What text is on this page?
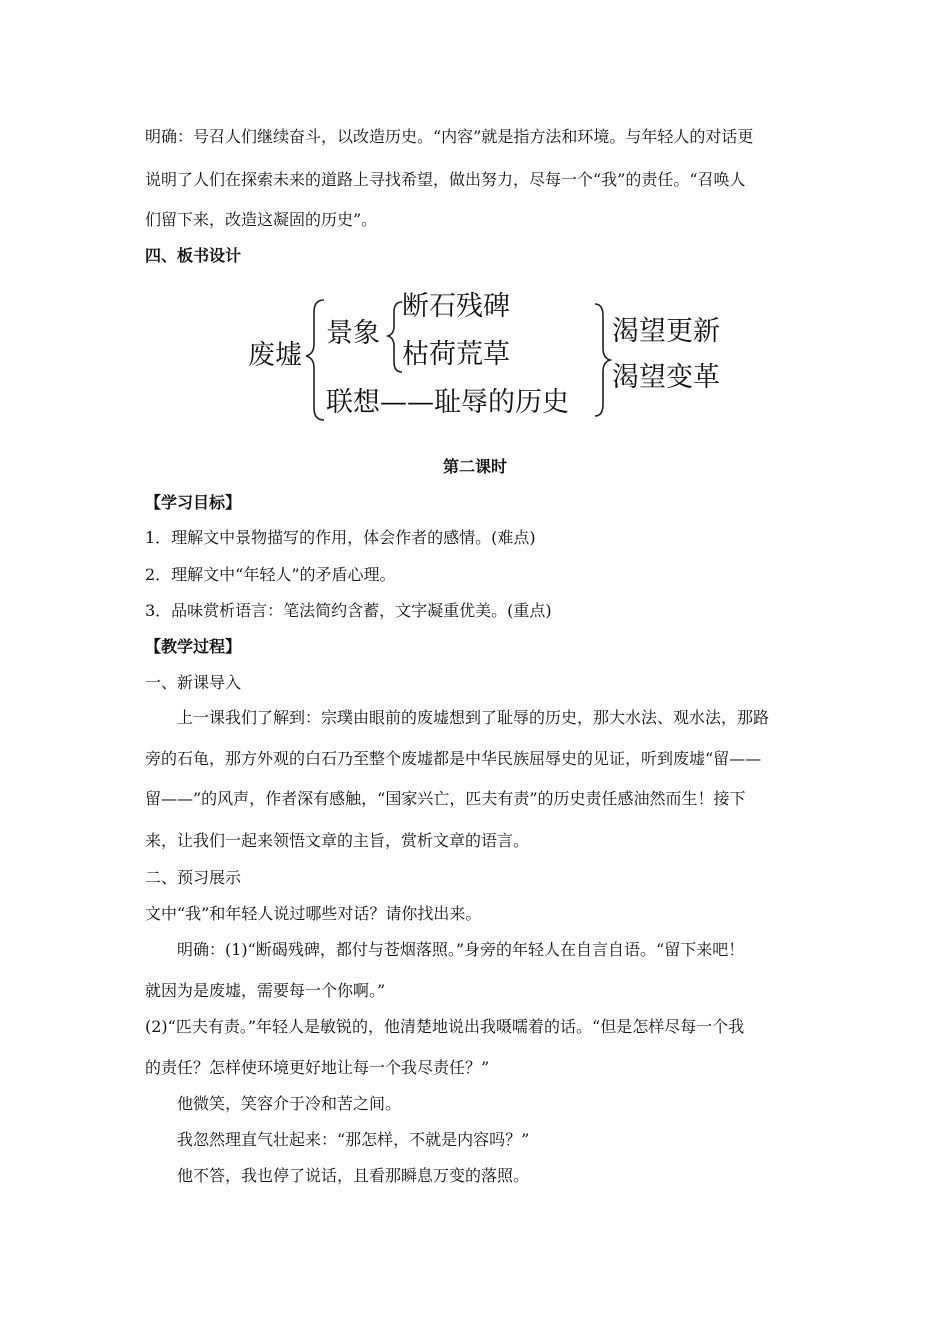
明确：号召人们继续奋斗，以改造历史。“内容”就是指方法和环境。与年轻人的对话更
说明了人们在探索未来的道路上寻找希望，做出努力，尽每一个“我”的责任。“召唤人
们留下来，改造这凝固的历史”。
四、板书设计
废墟
景象
断石残碑
枯荷荒草
联想——耻辱的历史
渴望更新
渴望变革
第二课时
【学习目标】
1．理解文中景物描写的作用，体会作者的感情。(难点)
2．理解文中“年轻人”的矛盾心理。
3．品味赏析语言：笔法简约含蓄，文字凝重优美。(重点)
【教学过程】
一、新课导入
上一课我们了解到：宗璞由眼前的废墟想到了耻辱的历史，那大水法、观水法，那路
旁的石龟，那方外观的白石乃至整个废墟都是中华民族屈辱史的见证，听到废墟“留——
留——”的风声，作者深有感触，“国家兴亡，匹夫有责”的历史责任感油然而生！接下
来，让我们一起来领悟文章的主旨，赏析文章的语言。
二、预习展示
文中“我”和年轻人说过哪些对话？请你找出来。
明确：(1)“断碣残碑，都付与苍烟落照。”身旁的年轻人在自言自语。“留下来吧！
就因为是废墟，需要每一个你啊。”
(2)“匹夫有责。”年轻人是敏锐的，他清楚地说出我嗫嚅着的话。“但是怎样尽每一个我
的责任？怎样使环境更好地让每一个我尽责任？”
他微笑，笑容介于冷和苦之间。
我忽然理直气壮起来：“那怎样，不就是内容吗？”
他不答，我也停了说话，且看那瞬息万变的落照。
